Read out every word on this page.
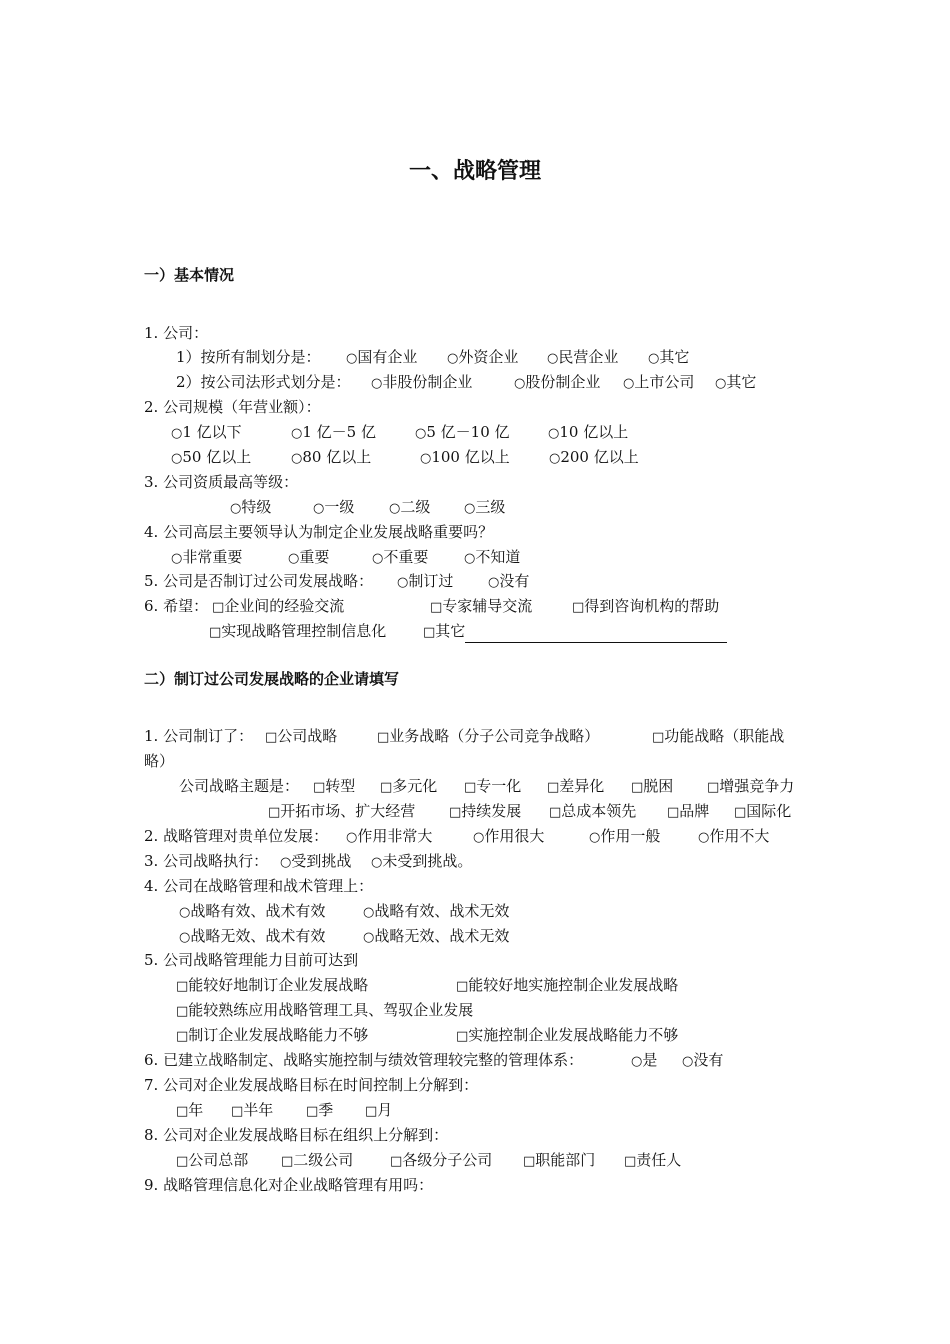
一、战略管理
一）基本情况
1. 公司：
1）按所有制划分是： ○国有企业 ○外资企业 ○民营企业 ○其它
2）按公司法形式划分是： ○非股份制企业	○股份制企业 ○上市公司 ○其它
2. 公司规模（年营业额）：
○1 亿以下	○1 亿－5 亿	○5 亿－10 亿	○10 亿以上
○50 亿以上	○80 亿以上	○100 亿以上	○200 亿以上
3. 公司资质最高等级：
○特级	○一级	○二级	○三级
4. 公司高层主要领导认为制定企业发展战略重要吗？
○非常重要	○重要	○不重要	○不知道
5. 公司是否制订过公司发展战略： ○制订过	○没有
6. 希望： □企业间的经验交流	□专家辅导交流	□得到咨询机构的帮助
□实现战略管理控制信息化	□其它
二）制订过公司发展战略的企业请填写
1. 公司制订了： □公司战略	□业务战略（分子公司竞争战略）	□功能战略（职能战
略）
公司战略主题是： □转型 □多元化 □专一化 □差异化 □脱困	□增强竞争力
□开拓市场、扩大经营	□持续发展 □总成本领先 □品牌 □国际化
2. 战略管理对贵单位发展： ○作用非常大	○作用很大	○作用一般	○作用不大
3. 公司战略执行： ○受到挑战 ○未受到挑战。
4. 公司在战略管理和战术管理上：
○战略有效、战术有效	○战略有效、战术无效
○战略无效、战术有效	○战略无效、战术无效
5. 公司战略管理能力目前可达到
□能较好地制订企业发展战略	□能较好地实施控制企业发展战略
□能较熟练应用战略管理工具、驾驭企业发展
□制订企业发展战略能力不够	□实施控制企业发展战略能力不够
6. 已建立战略制定、战略实施控制与绩效管理较完整的管理体系：	○是 ○没有
7. 公司对企业发展战略目标在时间控制上分解到：
□年 □半年	□季 □月
8. 公司对企业发展战略目标在组织上分解到：
□公司总部	□二级公司	□各级分子公司 □职能部门 □责任人
9. 战略管理信息化对企业战略管理有用吗：
